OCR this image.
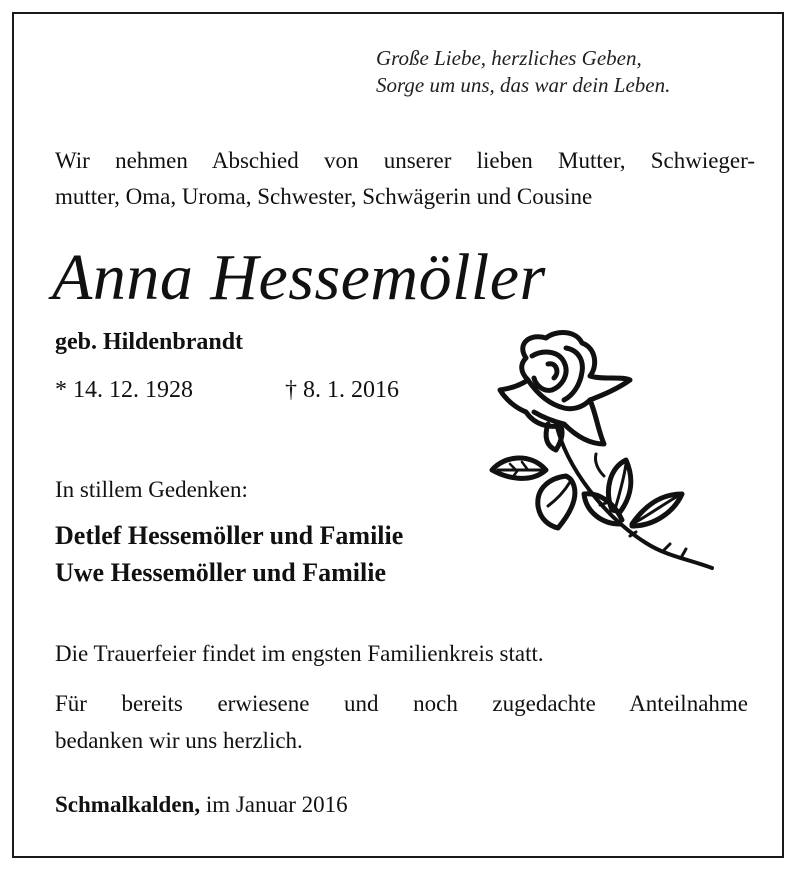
Große Liebe, herzliches Geben,
Sorge um uns, das war dein Leben.
Wir nehmen Abschied von unserer lieben Mutter, Schwieger-
mutter, Oma, Uroma, Schwester, Schwägerin und Cousine
Anna Hessemöller
geb. Hildenbrandt
* 14. 12. 1928	† 8. 1. 2016
In stillem Gedenken:
Detlef Hessemöller und Familie
Uwe Hessemöller und Familie
Die Trauerfeier findet im engsten Familienkreis statt.
Für bereits erwiesene und noch zugedachte Anteilnahme
bedanken wir uns herzlich.
Schmalkalden, im Januar 2016
